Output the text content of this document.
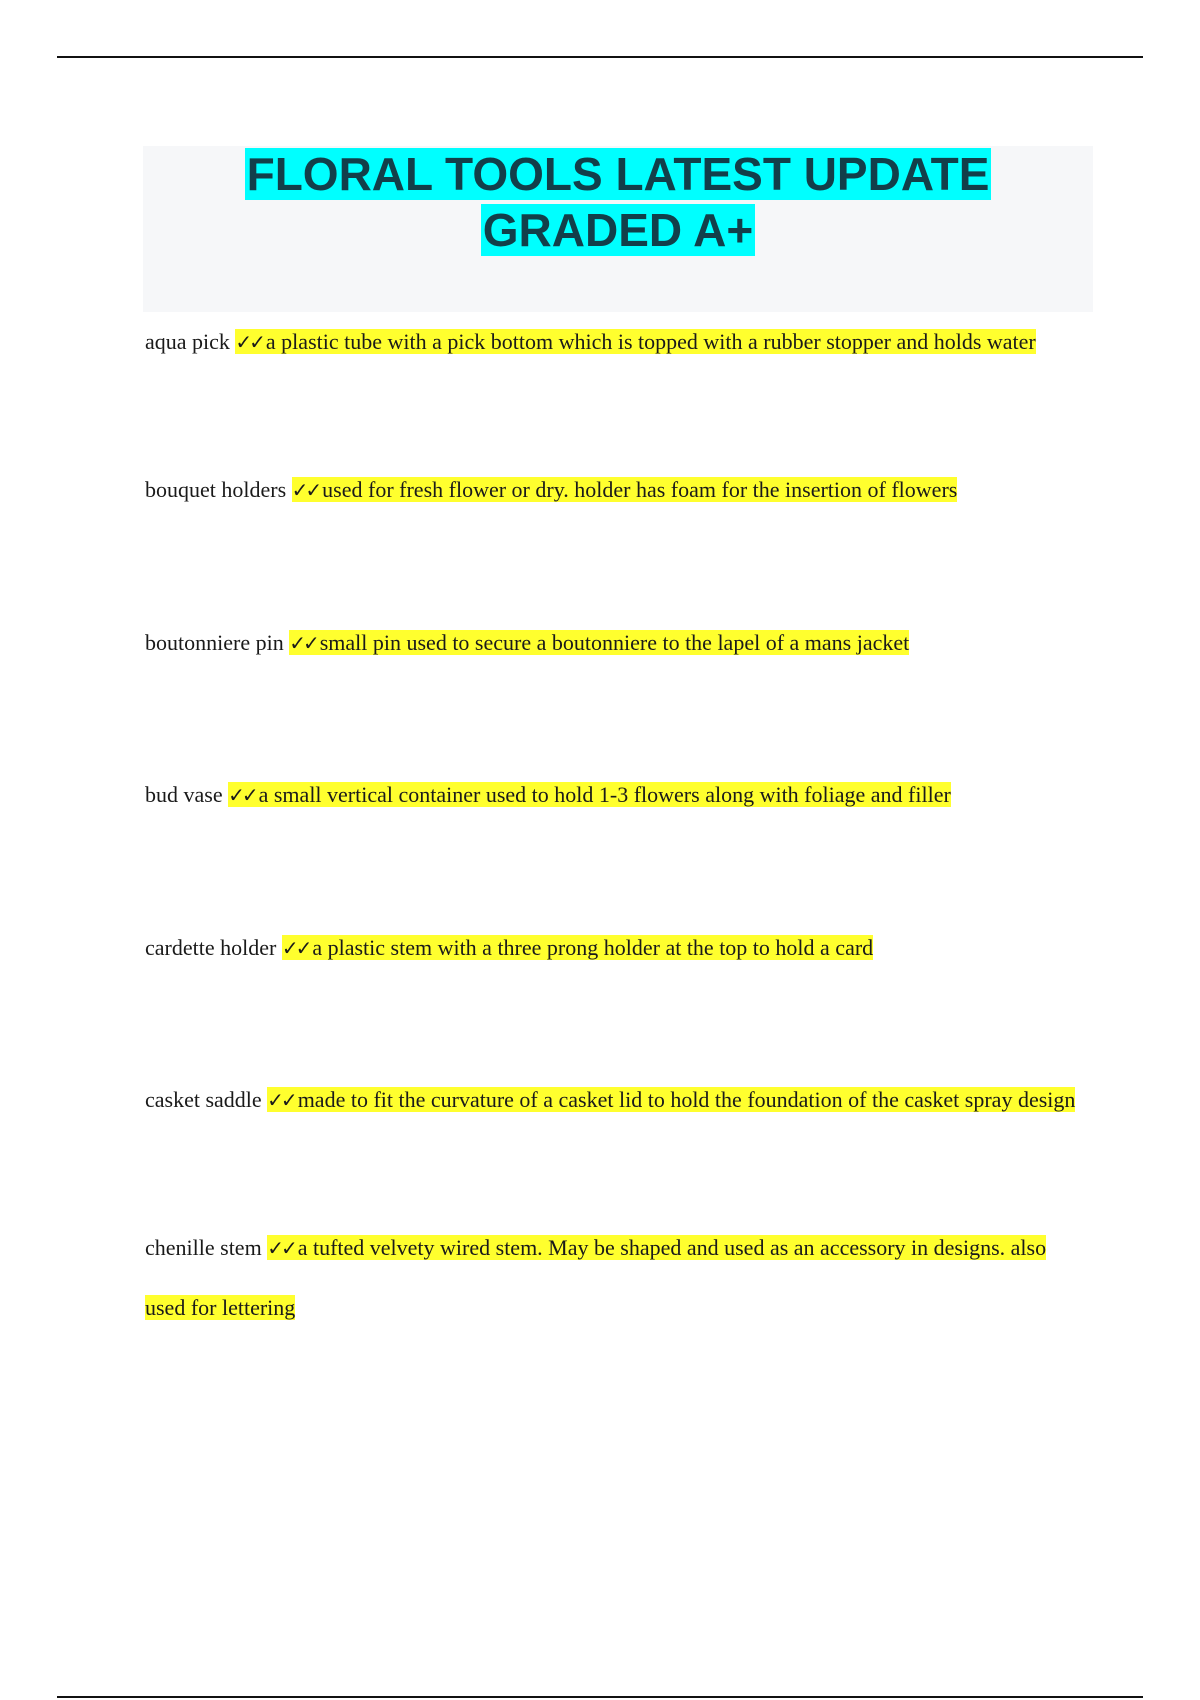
FLORAL TOOLS LATEST UPDATE
GRADED A+
aqua pick ✓✓ a plastic tube with a pick bottom which is topped with a rubber stopper and holds water
bouquet holders ✓✓ used for fresh flower or dry. holder has foam for the insertion of flowers
boutonniere pin ✓✓ small pin used to secure a boutonniere to the lapel of a mans jacket
bud vase ✓✓ a small vertical container used to hold 1-3 flowers along with foliage and filler
cardette holder ✓✓ a plastic stem with a three prong holder at the top to hold a card
casket saddle ✓✓ made to fit the curvature of a casket lid to hold the foundation of the casket spray design
chenille stem ✓✓ a tufted velvety wired stem. May be shaped and used as an accessory in designs. also used for lettering
